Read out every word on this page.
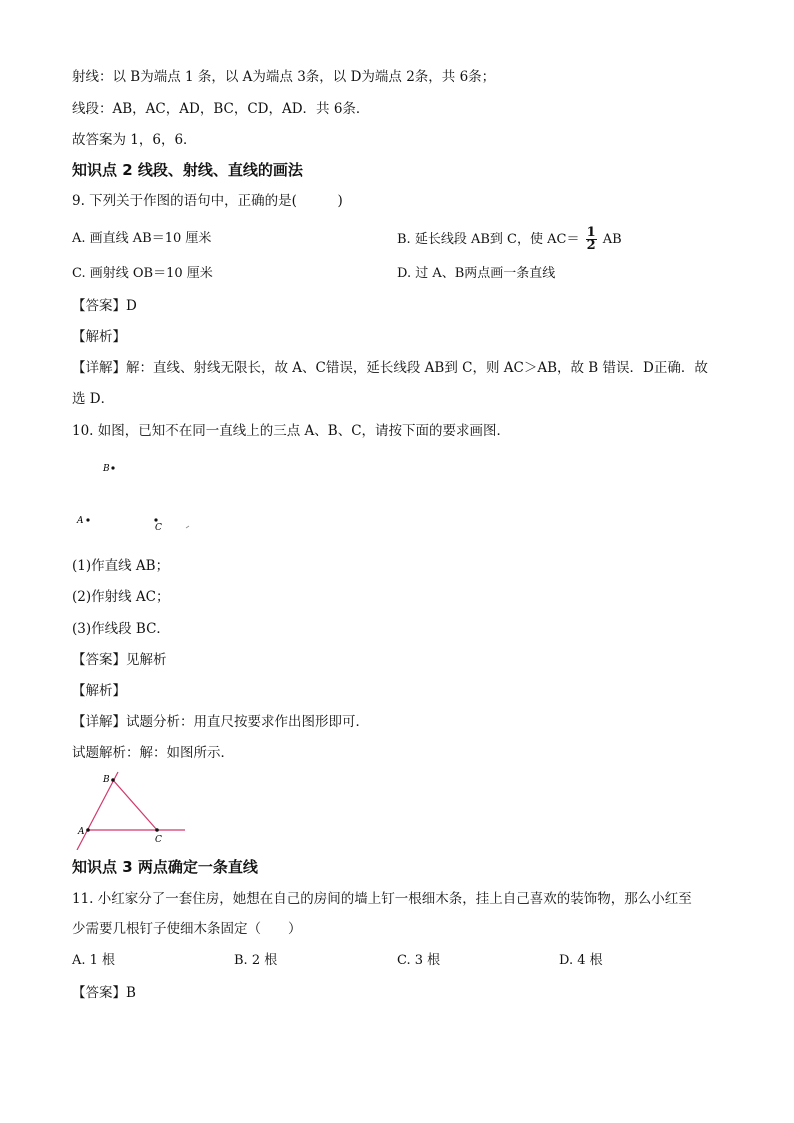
射线：以 B为端点 1 条，以 A为端点 3条，以 D为端点 2条，共 6条；
线段：AB，AC，AD，BC，CD，AD．共 6条．
故答案为 1，6，6．
知识点 2 线段、射线、直线的画法
9. 下列关于作图的语句中，正确的是(　　　)
A. 画直线 AB＝10 厘米	B. 延长线段 AB到 C，使 $AC= \frac{1}{2}$ AB
C. 画射线 OB＝10 厘米	D. 过 A、B两点画一条直线
【答案】D
【解析】
【详解】解：直线、射线无限长，故 A、C错误，延长线段 AB到 C，则 AC＞AB，故 B 错误．D正确．故
选 D．
10. 如图，已知不在同一直线上的三点 A、B、C，请按下面的要求画图．
B
A
C
(1)作直线 AB；
(2)作射线 AC；
(3)作线段 BC．
【答案】见解析
【解析】
【详解】试题分析：用直尺按要求作出图形即可．
试题解析：解：如图所示．
B
A
C
知识点 3 两点确定一条直线
11. 小红家分了一套住房，她想在自己的房间的墙上钉一根细木条，挂上自己喜欢的装饰物，那么小红至
少需要几根钉子使细木条固定（　　）
A. 1 根	B. 2 根	C. 3 根	D. 4 根
【答案】B
